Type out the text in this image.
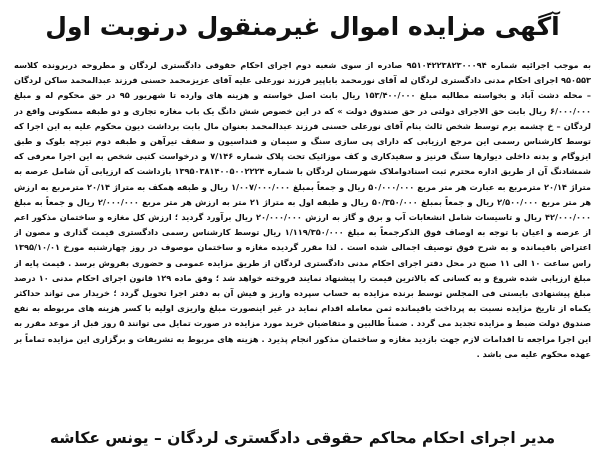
آگهی مزایده اموال غیرمنقول درنوبت اول

به موجب اجرائیه شماره ۹۵۱۰۴۲۲۳۸۲۳۰۰۰۹۴ صادره از سوی شعبه دوم اجرای احکام حقوقی دادگستری لردگان و مطروحه دربرونده کلاسه ۹۵۰۵۵۳ اجرای احکام مدنی دادگستری لردگان له آقای نورمحمد باباپیر فرزند نورعلی علیه آقای عزیزمحمد حسنی فرزند عبدالمحمد ساکن لردگان – محله دشت آباد و بخواسته مطالبه مبلغ ۱۵۳/۴۰۰/۰۰۰ ریال بابت اصل خواسته و هزینه های وارده تا شهریور ۹۵ در حق محکوم له و مبلغ ۶/۰۰۰/۰۰۰ ریال بابت حق الاجرای دولتی در حق صندوق دولت » که در این خصوص شش دانگ یک باب مغازه تجاری و دو طبقه مسکونی واقع در لردگان – خ چشمه برم توسط شخص ثالث بنام آقای نورعلی حسنی فرزند عبدالمحمد بعنوان مال بابت برداشت دیون محکوم علیه به این اجرا که توسط کارشناس رسمی این مرجع ارزیابی که دارای پی سازی سنگ و سیمان و فنداسیون و سقف تیرآهن و طبقه دوم تیرچه بلوک و طبق ایزوگام و بدنه داخلی دیوارها سنگ فرنیز و سفیدکاری و کف موزائیک تحت پلاک شماره ۷/۱۴۶ و درخواست کتبی شخص به این اجرا معرفی که شمشادنگ آن از طریق اداره محترم ثبت اسنادواملاک شهرستان لردگان با شماره ۱۳۹۵۰۳۸۱۴۰۰۵۰۰۲۲۲۴ بازداشت که ارزیابی آن شامل عرصه به متراژ ۲۰/۱۴ مترمربع به عبارت هر متر مربع ۵۰/۰۰۰/۰۰۰ ریال و جمعاً بمبلغ ۱/۰۰۷/۰۰۰/۰۰۰ ریال و طبقه همکف به متراژ ۲۰/۱۴ مترمربع به ارزش هر متر مربع ۲/۵۰۰/۰۰۰ ریال و جمعاً بمبلغ ۵۰/۳۵۰/۰۰۰ ریال و طبقه اول به متراژ ۲۱ متر به ارزش هر متر مربع ۲/۰۰۰/۰۰۰ ریال و جمعاً به مبلغ ۴۲/۰۰۰/۰۰۰ ریال و تاسیسات شامل انشعابات آب و برق و گاز به ارزش ۲۰/۰۰۰/۰۰۰ ریال برآورد گردید ؛ ارزش کل مغازه و ساختمان مذکور اعم از عرصه و اعیان با توجه به اوصاف فوق الذکرجمعاً به مبلغ ۱/۱۱۹/۳۵۰/۰۰۰ ریال توسط کارشناس رسمی دادگستری قیمت گذاری و مصون از اعتراض باقیمانده و به شرح فوق توصیف اجمالی شده است . لذا مقرر گردیده مغازه و ساختمان موصوف در روز چهارشنبه مورخ ۱۳۹۵/۱۰/۰۱ راس ساعت ۱۰ الی ۱۱ صبح در محل دفتر اجرای احکام مدنی دادگستری لردگان از طریق مزایده عمومی و حضوری بفروش برسد . قیمت پایه از مبلغ ارزیابی شده شروع و به کسانی که بالاترین قیمت را پیشنهاد نمایند فروخته خواهد شد ؛ وفق ماده ۱۲۹ قانون اجرای احکام مدنی ۱۰ درصد مبلغ پیشنهادی بایستی فی المجلس توسط برنده مزایده به حساب سپرده واریز و فیش آن به دفتر اجرا تحویل گردد ؛ خریدار می تواند حداکثر یکماه از تاریخ مزایده نسبت به پرداخت باقیمانده ثمن معامله اقدام نماید در غیر اینصورت مبلغ واریزی اولیه با کسر هزینه های مربوطه به نفع صندوق دولت ضبط و مزایده تجدید می گردد . ضمناً طالبین و متقاضیان خرید مورد مزایده در صورت تمایل می توانند ۵ روز قبل از موعد مقرر به این اجرا مراجعه تا اقدامات لازم جهت بازدید مغازه و ساختمان مذکور انجام پذیرد . هزینه های مربوط به تشریفات و برگزاری این مزایده تماماً بر عهده محکوم علیه می باشد .

مدیر اجرای احکام محاکم حقوقی دادگستری لردگان – یونس عکاشه
